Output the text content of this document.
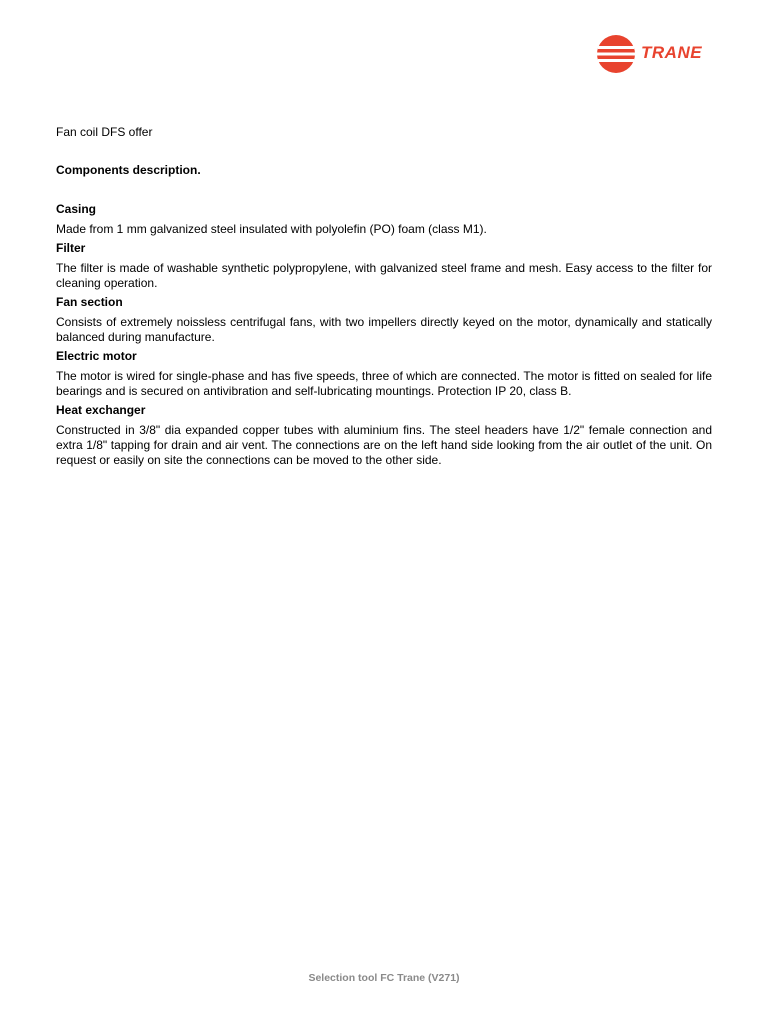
TRANE
Fan coil DFS offer
Components description.
Casing
Made from 1 mm galvanized steel insulated with polyolefin (PO) foam (class M1).
Filter
The filter is made of washable synthetic polypropylene, with galvanized steel frame and mesh. Easy access to the filter for cleaning operation.
Fan section
Consists of extremely noissless centrifugal fans, with two impellers directly keyed on the motor, dynamically and statically balanced during manufacture.
Electric motor
The motor is wired for single-phase and has five speeds, three of which are connected. The motor is fitted on sealed for life bearings and is secured on antivibration and self-lubricating mountings. Protection IP 20, class B.
Heat exchanger
Constructed in 3/8" dia expanded copper tubes with aluminium fins. The steel headers have 1/2" female connection and extra 1/8" tapping for drain and air vent. The connections are on the left hand side looking from the air outlet of the unit. On request or easily on site the connections can be moved to the other side.
Selection tool FC Trane (V271)
